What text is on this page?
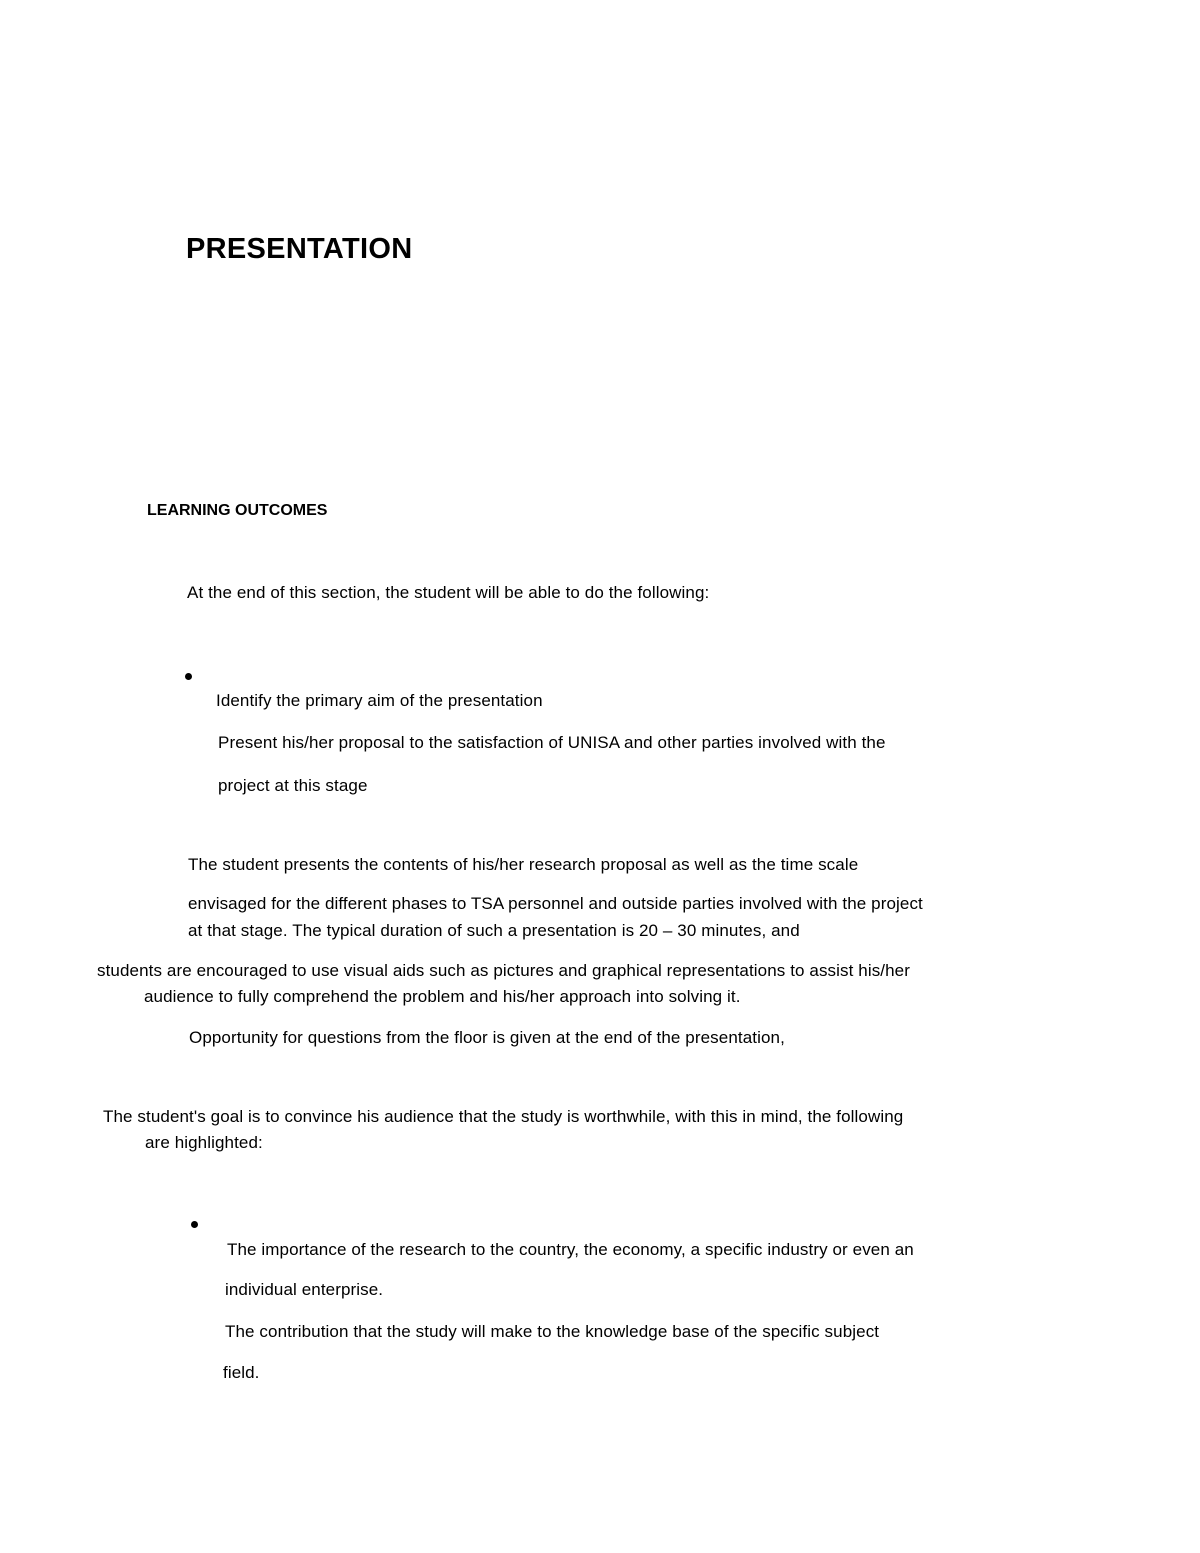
PRESENTATION
LEARNING OUTCOMES
At the end of this section, the student will be able to do the following:
Identify the primary aim of the presentation
Present his/her proposal to the satisfaction of UNISA and other parties involved with the
project at this stage
The student presents the contents of his/her research proposal as well as the time scale
envisaged for the different phases to TSA personnel and outside parties involved with the project
at that stage. The typical duration of such a presentation is 20 – 30 minutes, and
students are encouraged to use visual aids such as pictures and graphical representations to assist his/her
audience to fully comprehend the problem and his/her approach into solving it.
Opportunity for questions from the floor is given at the end of the presentation,
The student's goal is to convince his audience that the study is worthwhile, with this in mind, the following
are highlighted:
The importance of the research to the country, the economy, a specific industry or even an
individual enterprise.
The contribution that the study will make to the knowledge base of the specific subject
field.
